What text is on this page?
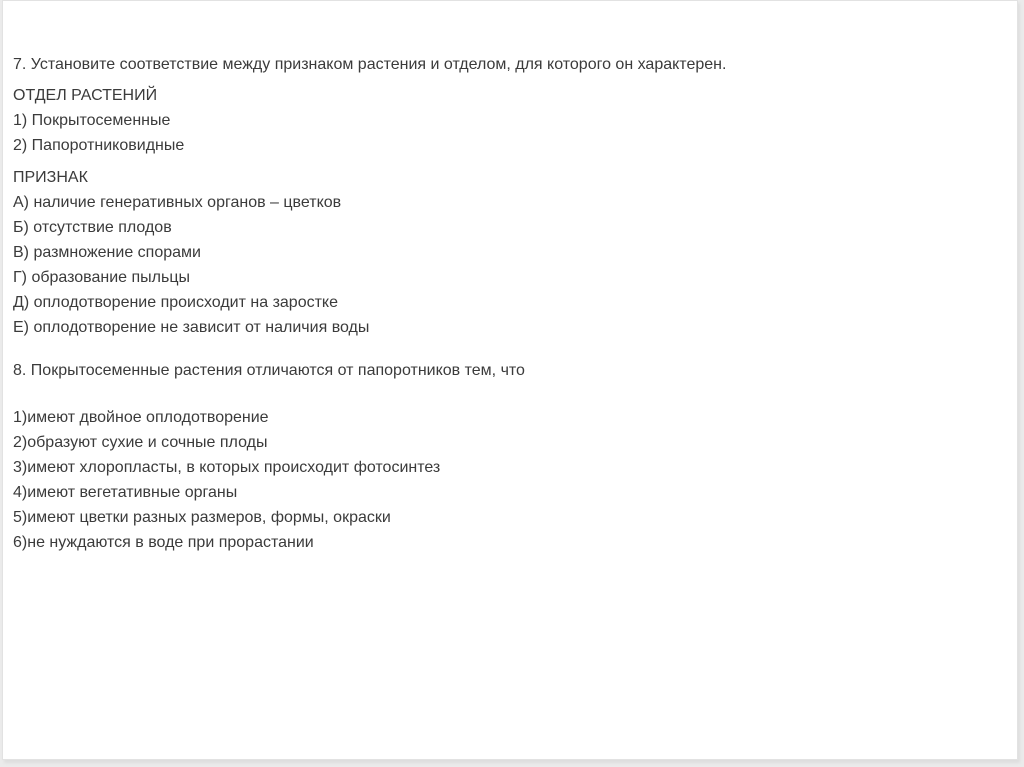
7. Установите соответствие между признаком растения и отделом, для которого он характерен.
ОТДЕЛ РАСТЕНИЙ
1) Покрытосеменные
2) Папоротниковидные
ПРИЗНАК
А) наличие генеративных органов – цветков
Б) отсутствие плодов
В) размножение спорами
Г) образование пыльцы
Д) оплодотворение происходит на заростке
Е) оплодотворение не зависит от наличия воды
8. Покрытосеменные растения отличаются от папоротников тем, что
1)имеют двойное оплодотворение
2)образуют сухие и сочные плоды
3)имеют хлоропласты, в которых происходит фотосинтез
4)имеют вегетативные органы
5)имеют цветки разных размеров, формы, окраски
6)не нуждаются в воде при прорастании
